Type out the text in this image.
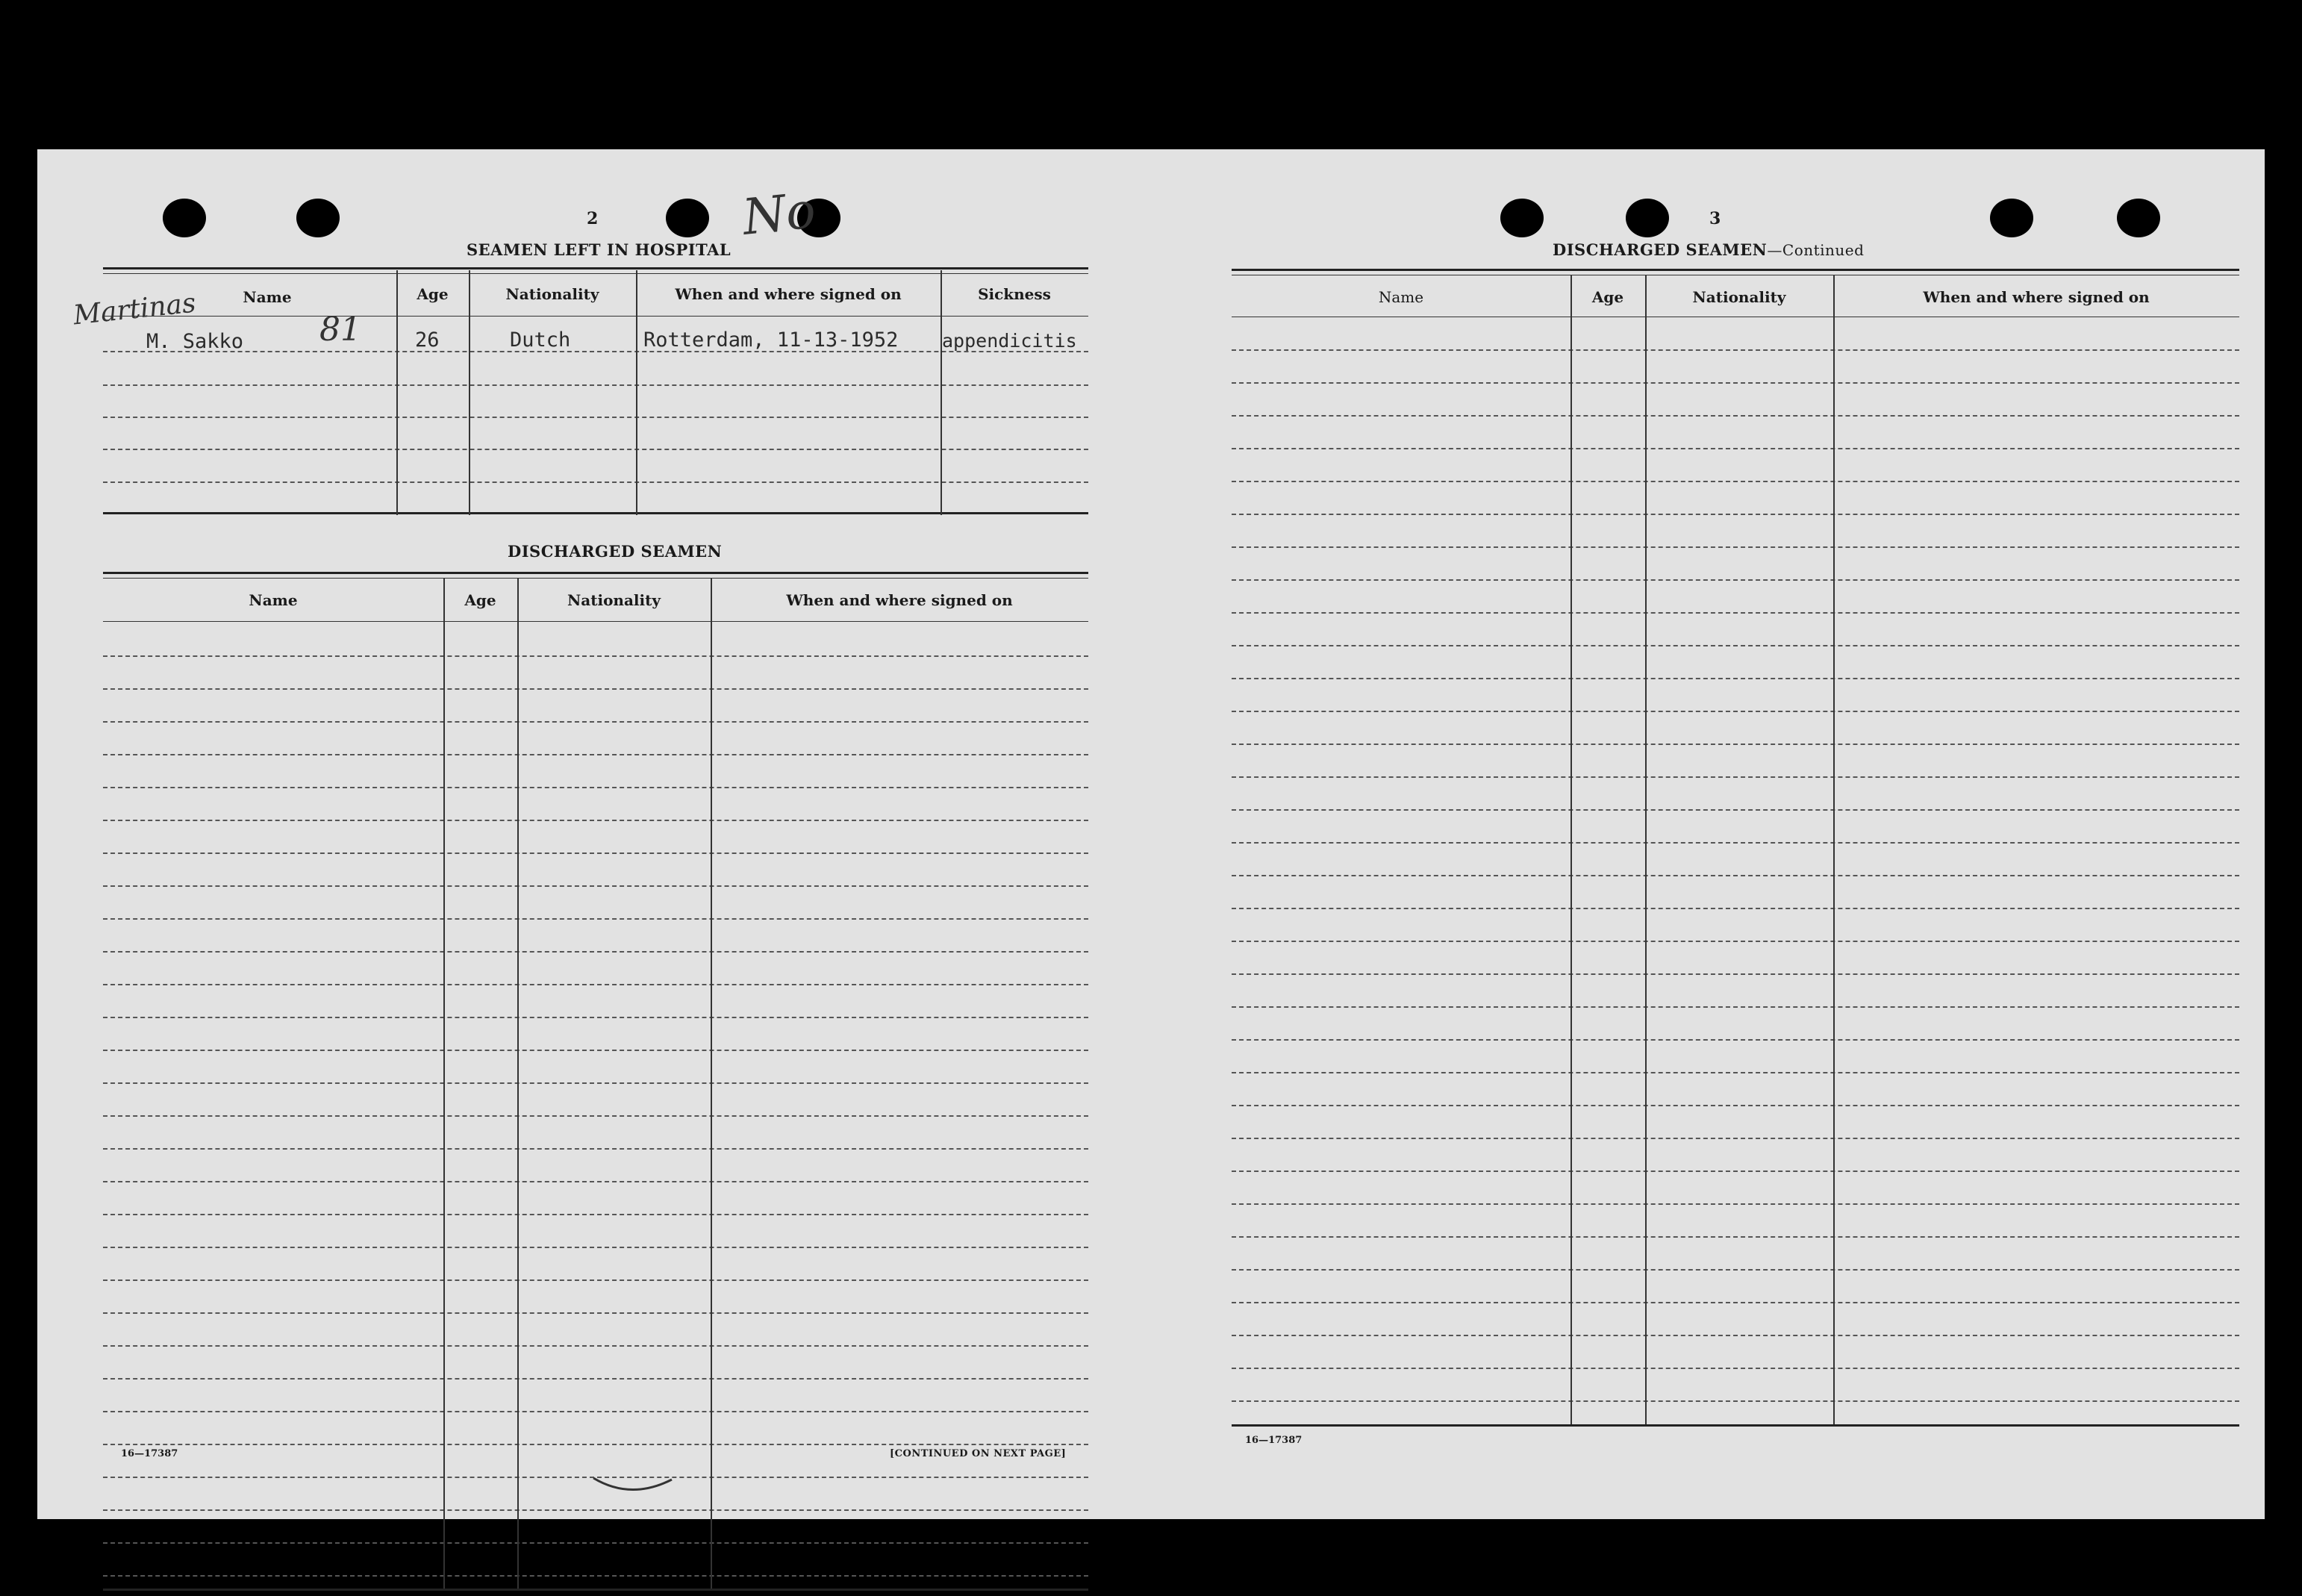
2	No
SEAMEN LEFT IN HOSPITAL
Name	Age	Nationality	When and where signed on	Sickness
Martinas	81
M. Sakko	26	Dutch	Rotterdam, 11-13-1952 appendicitis
DISCHARGED SEAMEN
Name	Age	Nationality	When and where signed on
16—17387	[CONTINUED ON NEXT PAGE]
3
DISCHARGED SEAMEN—Continued
Name	Age	Nationality	When and where signed on
16—17387
